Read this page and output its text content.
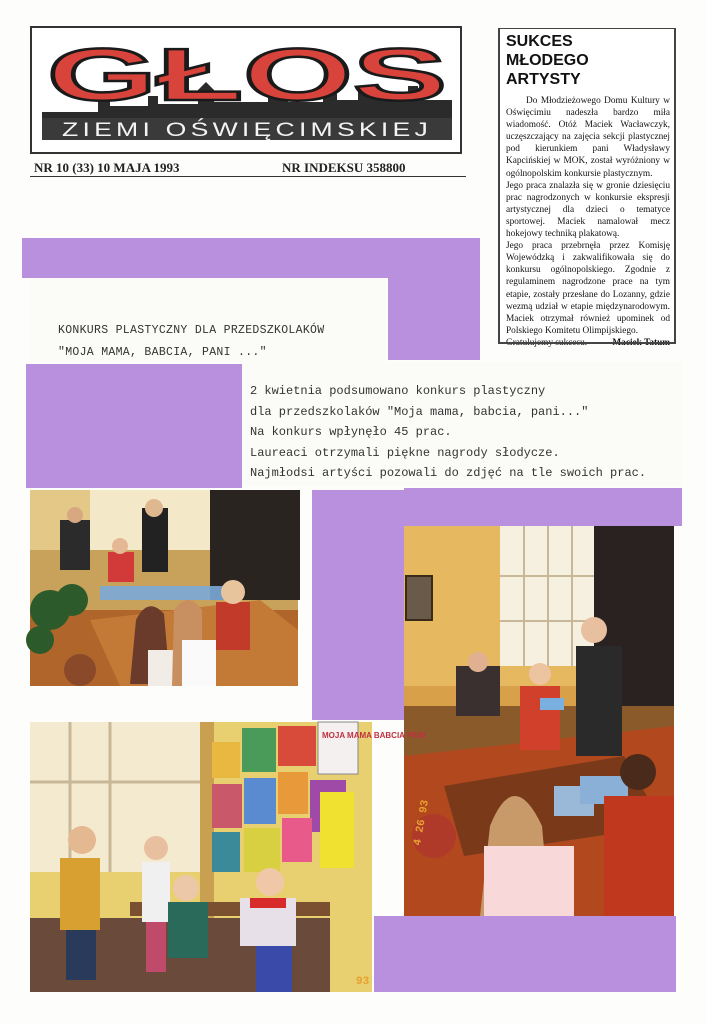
GŁOS
ZIEMI OŚWIĘCIMSKIEJ
NR 10 (33) 10 MAJA 1993	NR INDEKSU 358800
SUKCES MŁODEGO ARTYSTY

Do Młodzieżowego Domu Kultury w Oświęcimiu nadeszła bardzo miła wiadomość. Otóż Maciek Wacławczyk, uczęszczający na zajęcia sekcji plastycznej pod kierunkiem pani Władysławy Kapcińskiej w MOK, został wyróżniony w ogólnopolskim konkursie plastycznym.

Jego praca znalazła się w gronie dziesięciu prac nagrodzonych w konkursie ekspresji artystycznej dla dzieci o tematyce sportowej. Maciek namalował mecz hokejowy techniką plakatową.

Jego praca przebrnęła przez Komisję Wojewódzką i zakwalifikowała się do konkursu ogólnopolskiego. Zgodnie z regulaminem nagrodzone prace na tym etapie, zostały przesłane do Lozanny, gdzie wezmą udział w etapie międzynarodowym. Maciek otrzymał również upominek od Polskiego Komitetu Olimpijskiego.

Gratulujemy sukcesu.	Maciek Tatum
KONKURS PLASTYCZNY DLA PRZEDSZKOLAKÓW
"MOJA MAMA, BABCIA, PANI ..."
2 kwietnia podsumowano konkurs plastyczny
dla przedszkolaków "Moja mama, babcia, pani..."
Na konkurs wpłynęło 45 prac.
Laureaci otrzymali piękne nagrody słodycze.
Najmłodsi artyści pozowali do zdjęć na tle swoich prac.
4 26 93
MOJA MAMA BABCIA PANI
93
